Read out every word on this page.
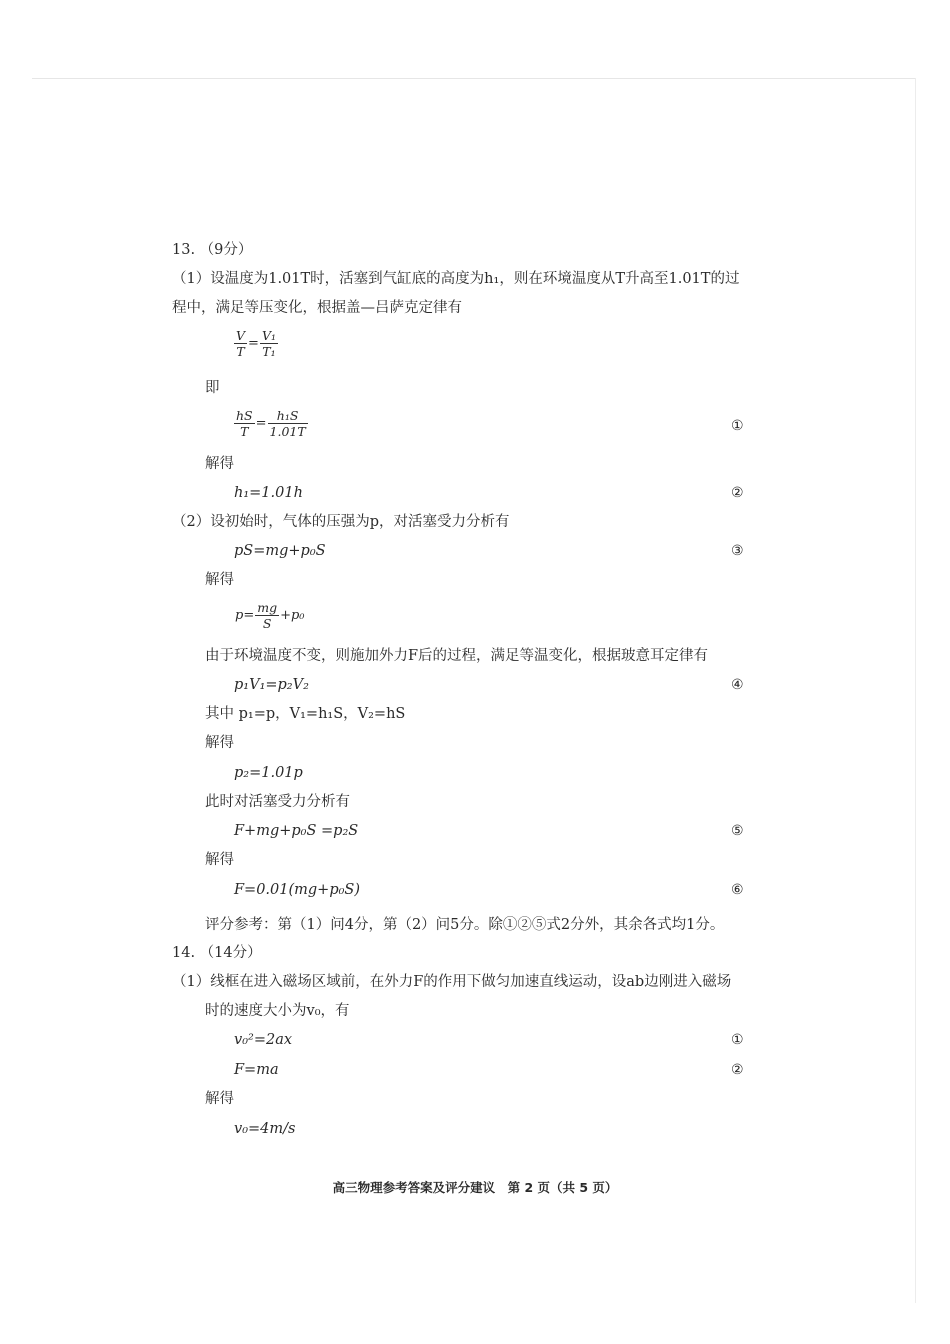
13. （9分）
（1）设温度为1.01T时，活塞到气缸底的高度为h₁，则在环境温度从T升高至1.01T的过
程中，满足等压变化，根据盖—吕萨克定律有
$\frac{V}{T} = \frac{\text{V₁}}{\text{T₁}}$
即
$\frac{hS}{T} = \frac{\text{h₁S}}{1.01T}$	①
解得
h₁=1.01h	②
（2）设初始时，气体的压强为p，对活塞受力分析有
pS=mg+p₀S	③
解得
$p= \frac{mg}{S} +p_0$
由于环境温度不变，则施加外力F后的过程，满足等温变化，根据玻意耳定律有
p₁V₁=p₂V₂	④
其中 p₁=p，V₁=h₁S，V₂=hS
解得
p₂=1.01p
此时对活塞受力分析有
F+mg+p₀S =p₂S	⑤
解得
F=0.01(mg+p₀S)	⑥
评分参考：第（1）问4分，第（2）问5分。除①②⑤式2分外，其余各式均1分。
14. （14分）
（1）线框在进入磁场区域前，在外力F的作用下做匀加速直线运动，设ab边刚进入磁场
时的速度大小为v₀，有
v₀²=2ax	①
F=ma	②
解得
v₀=4m/s
高三物理参考答案及评分建议　第 2 页（共 5 页）
